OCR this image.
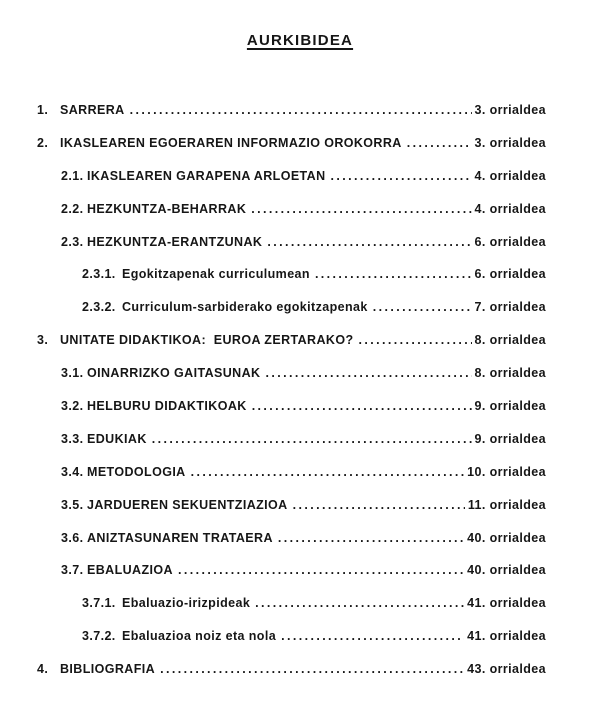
AURKIBIDEA
1. SARRERA .....	3. orrialdea
2. IKASLEAREN EGOERAREN INFORMAZIO OROKORRA .....	3. orrialdea
2.1. IKASLEAREN GARAPENA ARLOETAN .....	4. orrialdea
2.2. HEZKUNTZA-BEHARRAK .....	4. orrialdea
2.3. HEZKUNTZA-ERANTZUNAK .....	6. orrialdea
2.3.1. Egokitzapenak curriculumean .....	6. orrialdea
2.3.2. Curriculum-sarbiderako egokitzapenak .....	7. orrialdea
3. UNITATE DIDAKTIKOA:  EUROA ZERTARAKO? .....	8. orrialdea
3.1. OINARRIZKO GAITASUNAK .....	8. orrialdea
3.2. HELBURU DIDAKTIKOAK .....	9. orrialdea
3.3. EDUKIAK .....	9. orrialdea
3.4. METODOLOGIA .....	10. orrialdea
3.5. JARDUEREN SEKUENTZIAZIOA .....	11. orrialdea
3.6. ANIZTASUNAREN TRATAERA .....	40. orrialdea
3.7. EBALUAZIOA .....	40. orrialdea
3.7.1. Ebaluazio-irizpideak .....	41. orrialdea
3.7.2. Ebaluazioa noiz eta nola .....	41. orrialdea
4. BIBLIOGRAFIA .....	43. orrialdea
